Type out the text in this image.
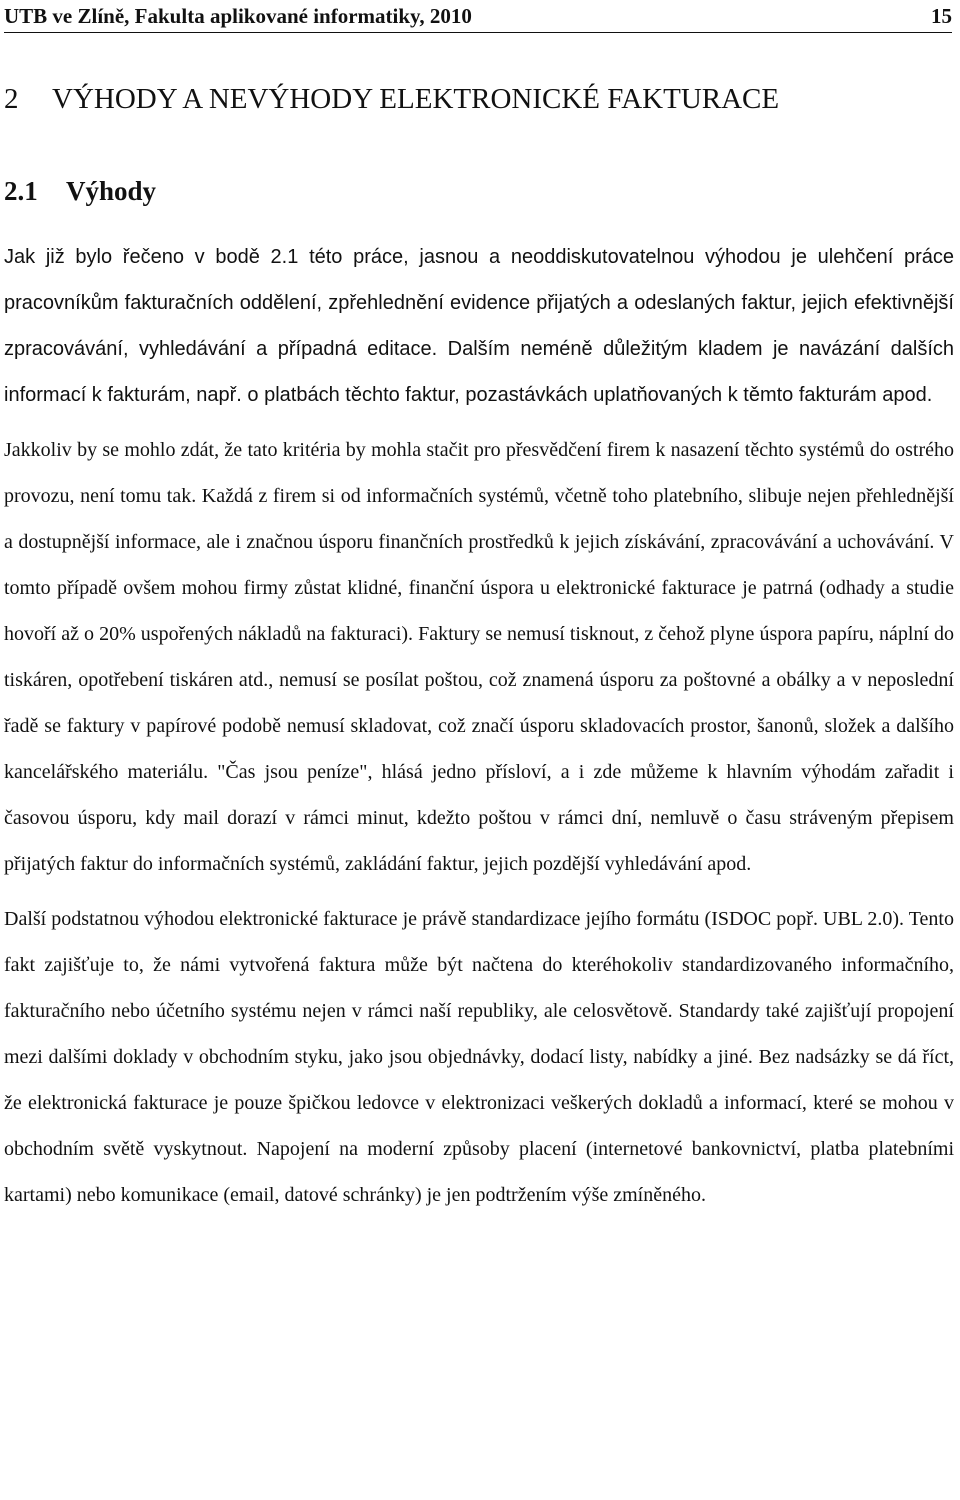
UTB ve Zlíně, Fakulta aplikované informatiky, 2010	15
2 VÝHODY A NEVÝHODY ELEKTRONICKÉ FAKTURACE
2.1 Výhody

Jak již bylo řečeno v bodě 2.1 této práce, jasnou a neoddiskutovatelnou výhodou je ulehčení práce pracovníkům fakturačních oddělení, zpřehlednění evidence přijatých a odeslaných faktur, jejich efektivnější zpracovávání, vyhledávání a případná editace. Dalším neméně důležitým kladem je navázání dalších informací k fakturám, např. o platbách těchto faktur, pozastávkách uplatňovaných k těmto fakturám apod.

Jakkoliv by se mohlo zdát, že tato kritéria by mohla stačit pro přesvědčení firem k nasazení těchto systémů do ostrého provozu, není tomu tak. Každá z firem si od informačních systémů, včetně toho platebního, slibuje nejen přehlednější a dostupnější informace, ale i značnou úsporu finančních prostředků k jejich získávání, zpracovávání a uchovávání. V tomto případě ovšem mohou firmy zůstat klidné, finanční úspora u elektronické fakturace je patrná (odhady a studie hovoří až o 20% uspořených nákladů na fakturaci). Faktury se nemusí tisknout, z čehož plyne úspora papíru, náplní do tiskáren, opotřebení tiskáren atd., nemusí se posílat poštou, což znamená úsporu za poštovné a obálky a v neposlední řadě se faktury v papírové podobě nemusí skladovat, což značí úsporu skladovacích prostor, šanonů, složek a dalšího kancelářského materiálu. "Čas jsou peníze", hlásá jedno přísloví, a i zde můžeme k hlavním výhodám zařadit i časovou úsporu, kdy mail dorazí v rámci minut, kdežto poštou v rámci dní, nemluvě o času stráveným přepisem přijatých faktur do informačních systémů, zakládání faktur, jejich pozdější vyhledávání apod.

Další podstatnou výhodou elektronické fakturace je právě standardizace jejího formátu (ISDOC popř. UBL 2.0). Tento fakt zajišťuje to, že námi vytvořená faktura může být načtena do kteréhokoliv standardizovaného informačního, fakturačního nebo účetního systému nejen v rámci naší republiky, ale celosvětově. Standardy také zajišťují propojení mezi dalšími doklady v obchodním styku, jako jsou objednávky, dodací listy, nabídky a jiné. Bez nadsázky se dá říct, že elektronická fakturace je pouze špičkou ledovce v elektronizaci veškerých dokladů a informací, které se mohou v obchodním světě vyskytnout. Napojení na moderní způsoby placení (internetové bankovnictví, platba platebními kartami) nebo komunikace (email, datové schránky) je jen podtržením výše zmíněného.
